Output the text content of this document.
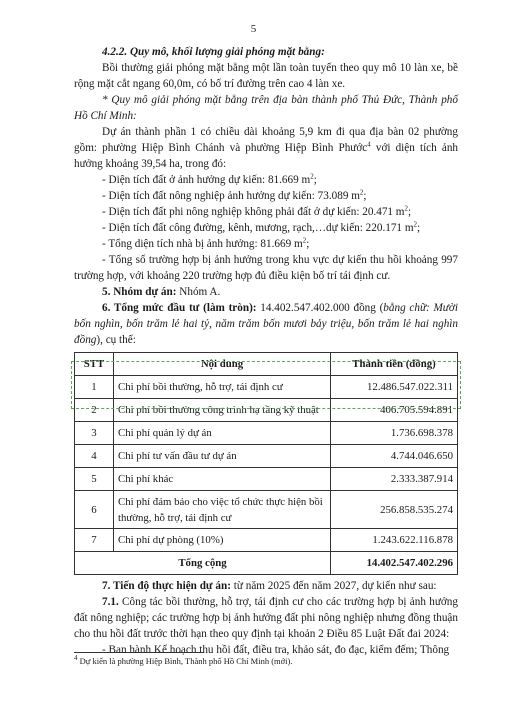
5

4.2.2. Quy mô, khối lượng giải phóng mặt bằng:

Bồi thường giải phóng mặt bằng một lần toàn tuyến theo quy mô 10 làn xe, bề rộng mặt cắt ngang 60,0m, có bố trí đường trên cao 4 làn xe.

* Quy mô giải phóng mặt bằng trên địa bàn thành phố Thủ Đức, Thành phố Hồ Chí Minh:

Dự án thành phần 1 có chiều dài khoảng 5,9 km đi qua địa bàn 02 phường gồm: phường Hiệp Bình Chánh và phường Hiệp Bình Phước$^4$ với diện tích ảnh hưởng khoảng 39,54 ha, trong đó:

- Diện tích đất ở ảnh hưởng dự kiến: 81.669 $m^2$;

- Diện tích đất nông nghiệp ảnh hưởng dự kiến: 73.089 $m^2$;

- Diện tích đất phi nông nghiệp không phải đất ở dự kiến: 20.471 $m^2$;

- Diện tích đất công đường, kênh, mương, rạch,…dự kiến: 220.171 $m^2$;

- Tổng diện tích nhà bị ảnh hưởng: 81.669 $m^2$;

- Tổng số trường hợp bị ảnh hưởng trong khu vực dự kiến thu hồi khoảng 997 trường hợp, với khoảng 220 trường hợp đủ điều kiện bố trí tái định cư.

5. Nhóm dự án: Nhóm A.

6. Tổng mức đầu tư (làm tròn): 14.402.547.402.000 đồng (bằng chữ: Mười bốn nghìn, bốn trăm lẻ hai tỷ, năm trăm bốn mươi bảy triệu, bốn trăm lẻ hai nghìn đồng), cụ thể:

STT	Nội dung	Thành tiền (đồng)
1	Chi phí bồi thường, hỗ trợ, tái định cư	12.486.547.022.311
2	Chi phí bồi thường công trình hạ tầng kỹ thuật	406.705.594.891
3	Chi phí quản lý dự án	1.736.698.378
4	Chi phí tư vấn đầu tư dự án	4.744.046.650
5	Chi phí khác	2.333.387.914
6	Chi phí đảm bảo cho việc tổ chức thực hiện bồi thường, hỗ trợ, tái định cư	256.858.535.274
7	Chi phí dự phòng (10%)	1.243.622.116.878
Tổng cộng		14.402.547.402.296

7. Tiến độ thực hiện dự án: từ năm 2025 đến năm 2027, dự kiến như sau:

7.1. Công tác bồi thường, hỗ trợ, tái định cư cho các trường hợp bị ảnh hưởng đất nông nghiệp; các trường hợp bị ảnh hưởng đất phi nông nghiệp nhưng đồng thuận cho thu hồi đất trước thời hạn theo quy định tại khoản 2 Điều 85 Luật Đất đai 2024:

- Ban hành Kế hoạch thu hồi đất, điều tra, khảo sát, đo đạc, kiểm đếm; Thông

$^4$ Dự kiến là phường Hiệp Bình, Thành phố Hồ Chí Minh (mới).
